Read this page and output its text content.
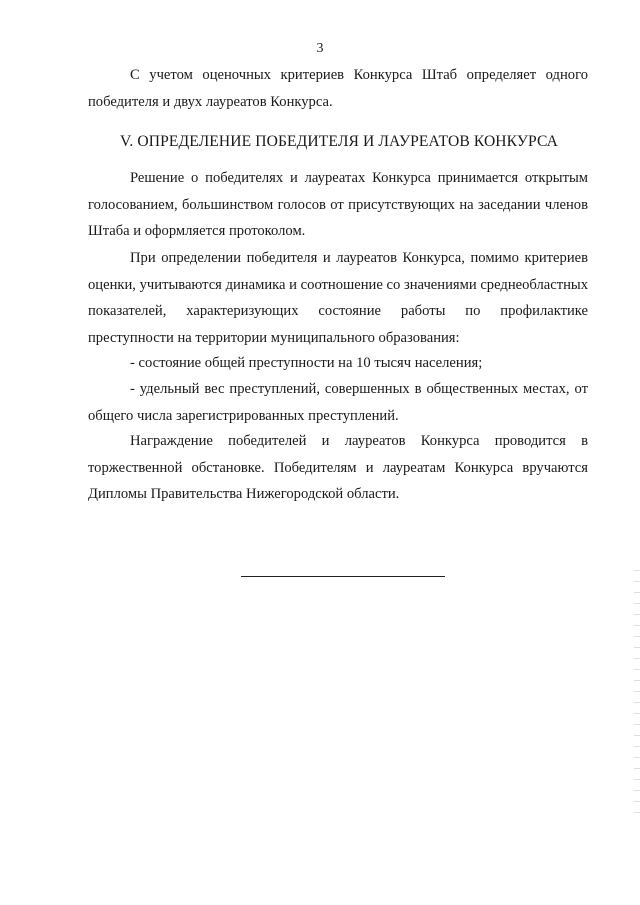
3

С учетом оценочных критериев Конкурса Штаб определяет одного победителя и двух лауреатов Конкурса.

V. ОПРЕДЕЛЕНИЕ ПОБЕДИТЕЛЯ И ЛАУРЕАТОВ КОНКУРСА

Решение о победителях и лауреатах Конкурса принимается открытым голосованием, большинством голосов от присутствующих на заседании членов Штаба и оформляется протоколом.

При определении победителя и лауреатов Конкурса, помимо критериев оценки, учитываются динамика и соотношение со значениями среднеобластных показателей, характеризующих состояние работы по профилактике преступности на территории муниципального образования:

- состояние общей преступности на 10 тысяч населения;

- удельный вес преступлений, совершенных в общественных местах, от общего числа зарегистрированных преступлений.

Награждение победителей и лауреатов Конкурса проводится в торжественной обстановке. Победителям и лауреатам Конкурса вручаются Дипломы Правительства Нижегородской области.
